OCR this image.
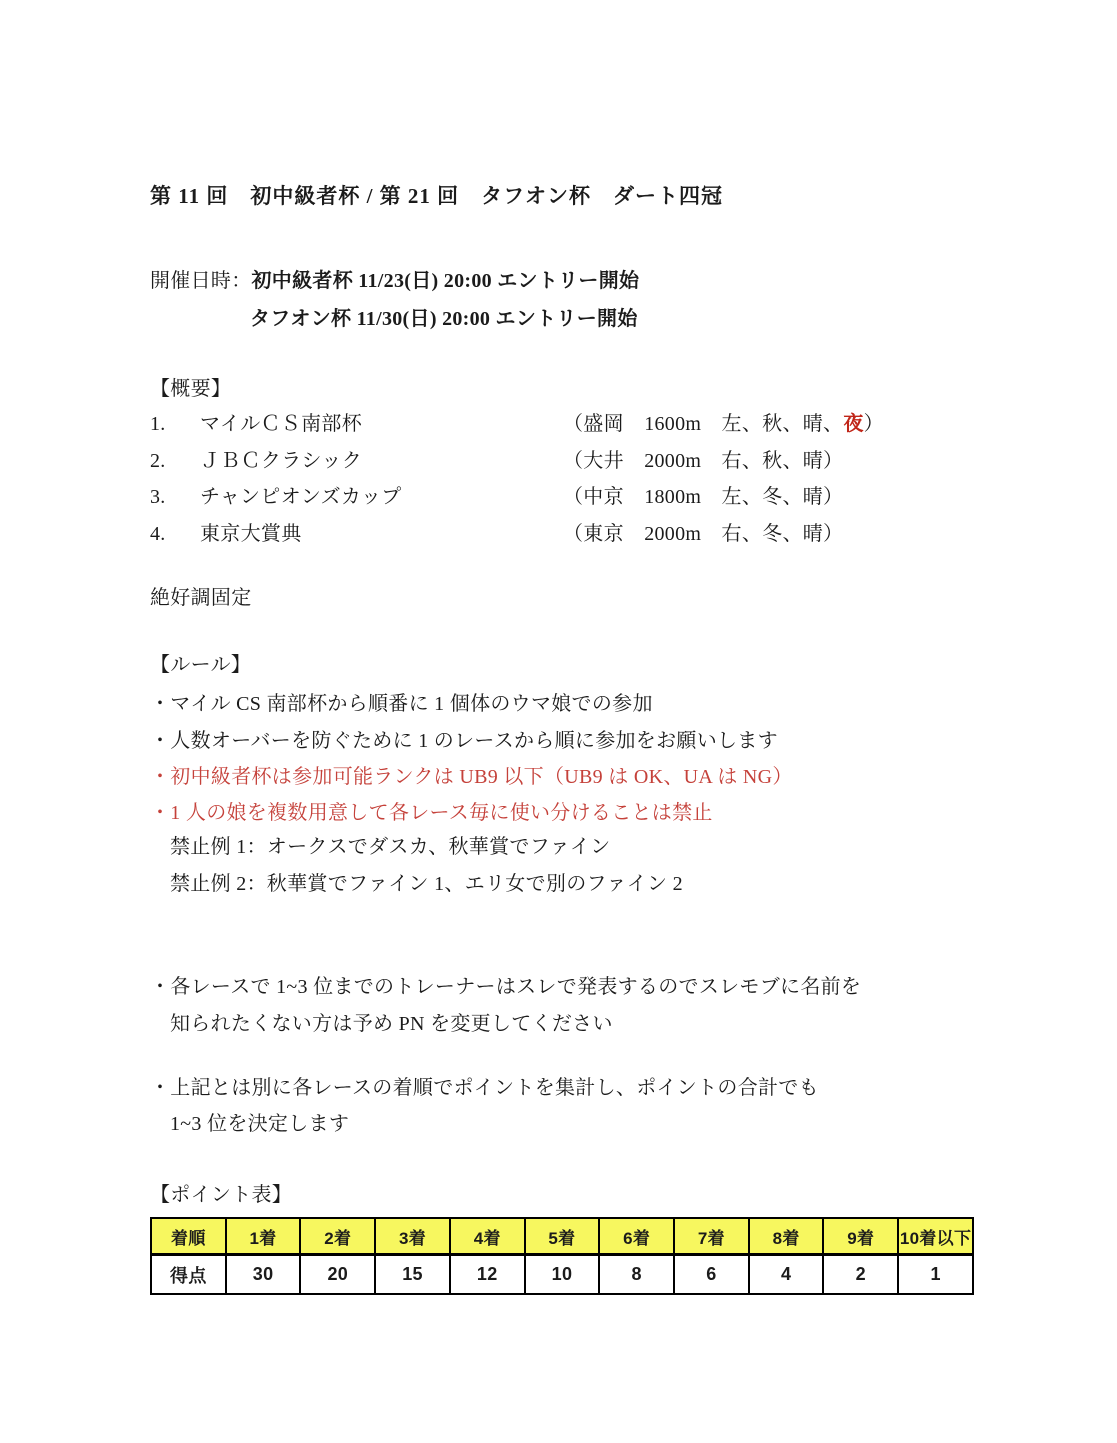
第 11 回　初中級者杯 / 第 21 回　タフオン杯　ダート四冠
開催日時：初中級者杯 11/23(日) 20:00 エントリー開始
タフオン杯 11/30(日) 20:00 エントリー開始
【概要】
1. マイルＣＳ南部杯	（盛岡　1600m　左、秋、晴、夜）
2. ＪＢＣクラシック	（大井　2000m　右、秋、晴）
3. チャンピオンズカップ	（中京　1800m　左、冬、晴）
4. 東京大賞典	（東京　2000m　右、冬、晴）
絶好調固定
【ルール】
・マイル CS 南部杯から順番に 1 個体のウマ娘での参加
・人数オーバーを防ぐために 1 のレースから順に参加をお願いします
・初中級者杯は参加可能ランクは UB9 以下（UB9 は OK、UA は NG）
・1 人の娘を複数用意して各レース毎に使い分けることは禁止
禁止例 1：オークスでダスカ、秋華賞でファイン
禁止例 2：秋華賞でファイン 1、エリ女で別のファイン 2
・各レースで 1~3 位までのトレーナーはスレで発表するのでスレモブに名前を
知られたくない方は予め PN を変更してください
・上記とは別に各レースの着順でポイントを集計し、ポイントの合計でも
1~3 位を決定します
【ポイント表】
着順	1着	2着	3着	4着	5着	6着	7着	8着	9着	10着以下
得点	30	20	15	12	10	8	6	4	2	1
